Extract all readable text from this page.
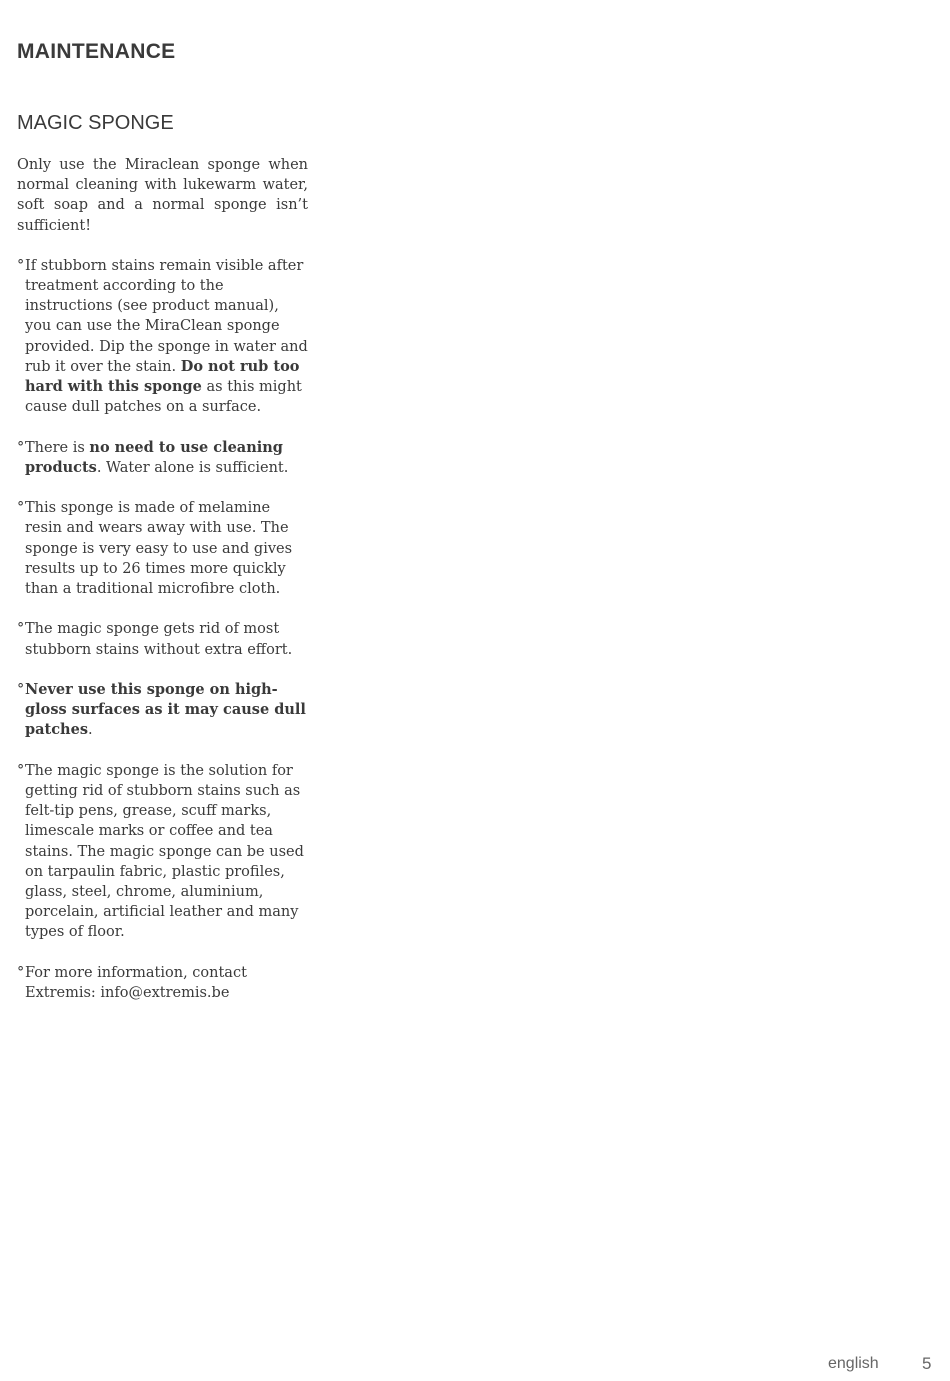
MAINTENANCE
MAGIC SPONGE

Only use the Miraclean sponge when normal cleaning with lukewarm water, soft soap and a normal sponge isn’t sufficient!

° If stubborn stains remain visible after treatment according to the instructions (see product manual), you can use the MiraClean sponge provided. Dip the sponge in water and rub it over the stain. Do not rub too hard with this sponge as this might cause dull patches on a surface.
° There is no need to use cleaning products. Water alone is sufficient.
° This sponge is made of melamine resin and wears away with use. The sponge is very easy to use and gives results up to 26 times more quickly than a traditional microfibre cloth.
° The magic sponge gets rid of most stubborn stains without extra effort.
° Never use this sponge on high-gloss surfaces as it may cause dull patches.
° The magic sponge is the solution for getting rid of stubborn stains such as felt-tip pens, grease, scuff marks, limescale marks or coffee and tea stains. The magic sponge can be used on tarpaulin fabric, plastic profiles, glass, steel, chrome, aluminium, porcelain, artificial leather and many types of floor.
° For more information, contact Extremis: info@extremis.be
english	5
